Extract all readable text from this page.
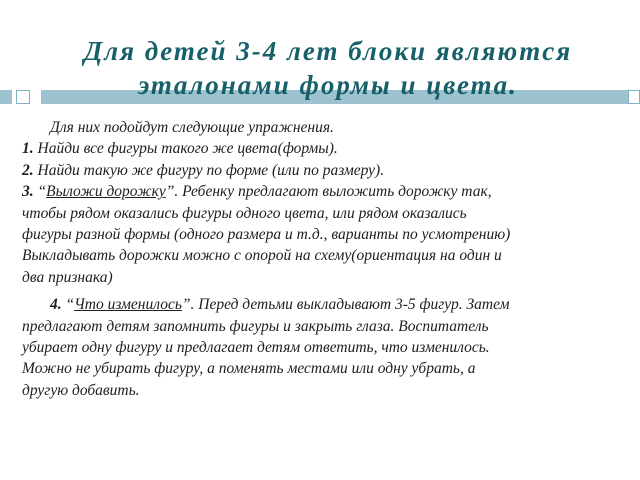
Для детей 3-4 лет блоки являются
эталонами формы и цвета.

Для них подойдут следующие упражнения.

1. Найди все фигуры такого же цвета(формы).

2. Найди такую же фигуру по форме (или по размеру).

3. “Выложи дорожку”. Ребенку предлагают выложить дорожку так,
чтобы рядом оказались фигуры одного цвета, или рядом оказались
фигуры разной формы (одного размера и т.д., варианты по усмотрению)
Выкладывать дорожки можно с опорой на схему(ориентация на один и
два признака)

4. “Что изменилось”. Перед детьми выкладывают 3-5 фигур. Затем
предлагают детям запомнить фигуры и закрыть глаза. Воспитатель
убирает одну фигуру и предлагает детям ответить, что изменилось.
Можно не убирать фигуру, а поменять местами или одну убрать, а
другую добавить.
